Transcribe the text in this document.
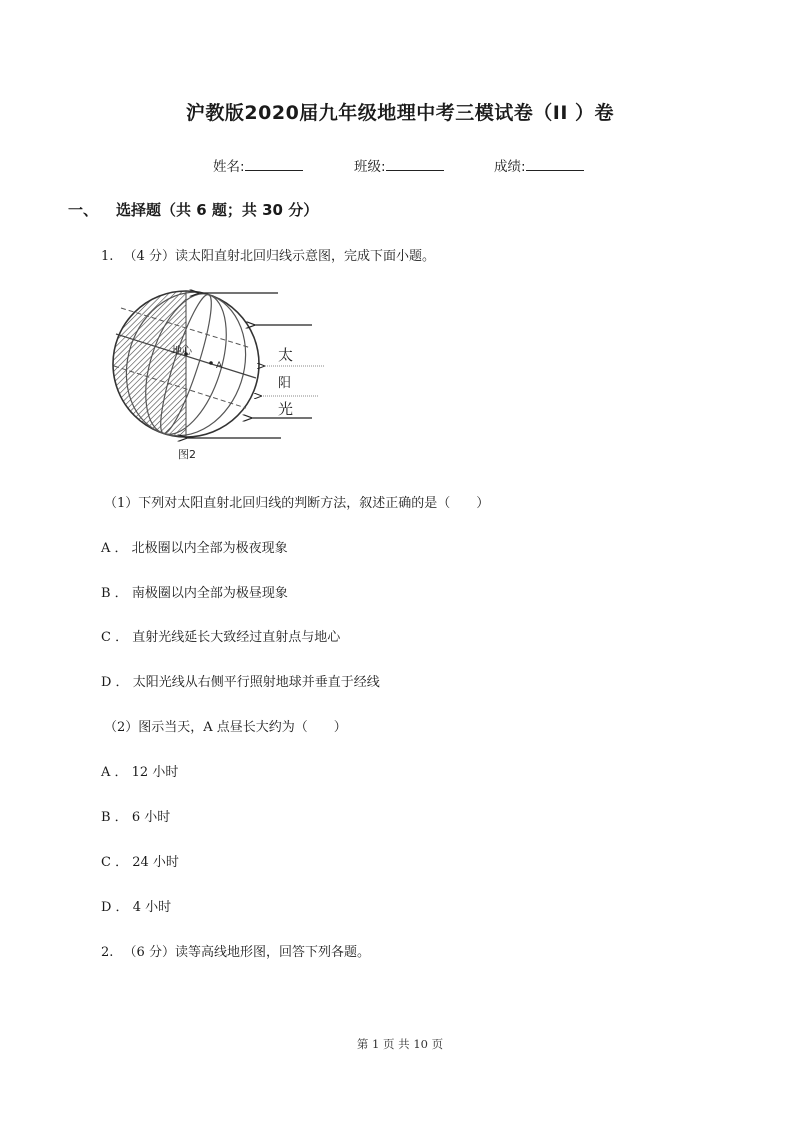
沪教版2020届九年级地理中考三模试卷（II ）卷
姓名:	班级:	成绩:
一、 选择题（共 6 题；共 30 分）
1. （4 分）读太阳直射北回归线示意图，完成下面小题。
地心
A
太
阳
光
图2
（1）下列对太阳直射北回归线的判断方法，叙述正确的是（　　）
A ． 北极圈以内全部为极夜现象
B ． 南极圈以内全部为极昼现象
C ． 直射光线延长大致经过直射点与地心
D ． 太阳光线从右侧平行照射地球并垂直于经线
（2）图示当天，A 点昼长大约为（　　）
A ． 12 小时
B ． 6 小时
C ． 24 小时
D ． 4 小时
2. （6 分）读等高线地形图，回答下列各题。
第 1 页 共 10 页
